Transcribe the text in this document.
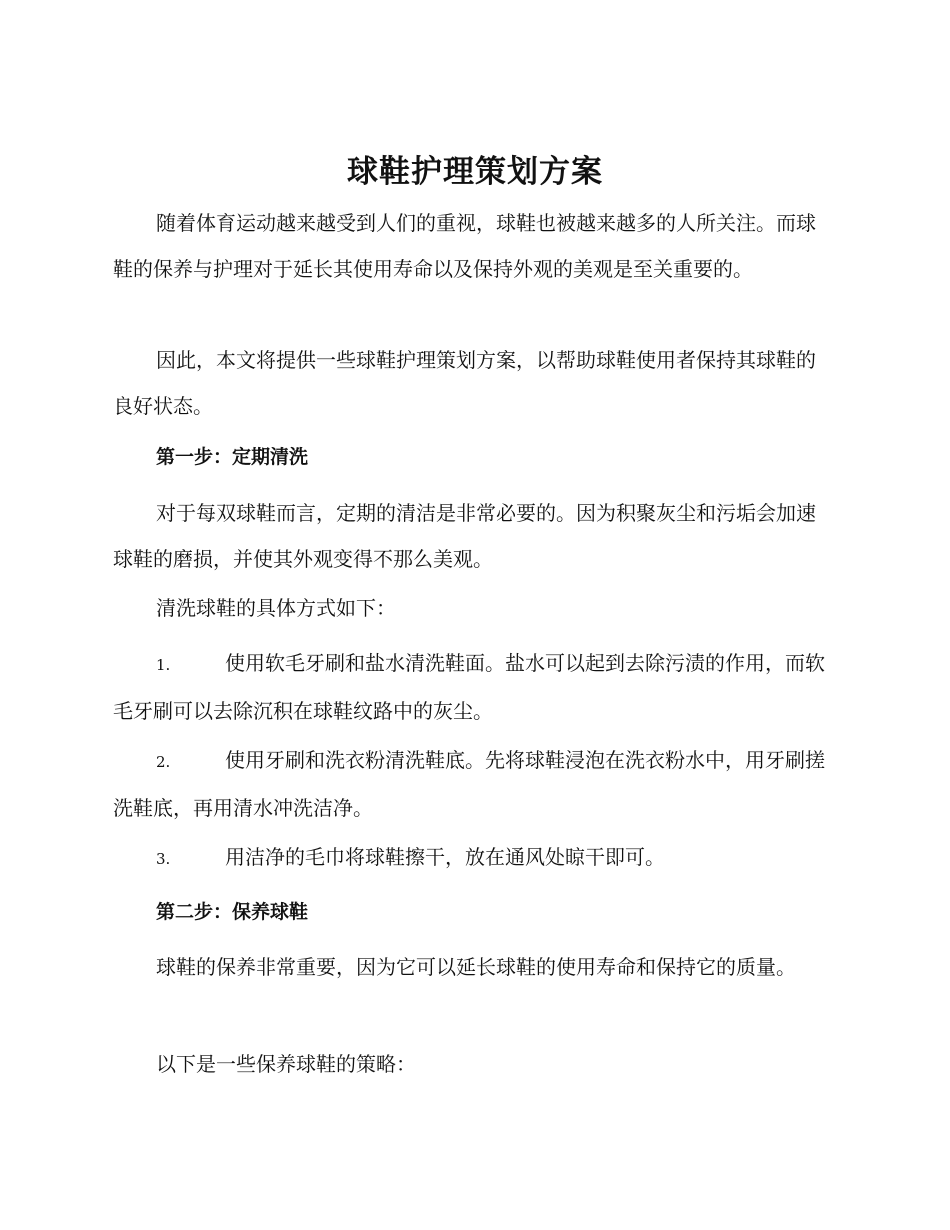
球鞋护理策划方案

随着体育运动越来越受到人们的重视，球鞋也被越来越多的人所关注。而球鞋的保养与护理对于延长其使用寿命以及保持外观的美观是至关重要的。

因此，本文将提供一些球鞋护理策划方案，以帮助球鞋使用者保持其球鞋的良好状态。

第一步：定期清洗

对于每双球鞋而言，定期的清洁是非常必要的。因为积聚灰尘和污垢会加速球鞋的磨损，并使其外观变得不那么美观。

清洗球鞋的具体方式如下：

1.	使用软毛牙刷和盐水清洗鞋面。盐水可以起到去除污渍的作用，而软毛牙刷可以去除沉积在球鞋纹路中的灰尘。

2.	使用牙刷和洗衣粉清洗鞋底。先将球鞋浸泡在洗衣粉水中，用牙刷搓洗鞋底，再用清水冲洗洁净。

3.	用洁净的毛巾将球鞋擦干，放在通风处晾干即可。

第二步：保养球鞋

球鞋的保养非常重要，因为它可以延长球鞋的使用寿命和保持它的质量。

以下是一些保养球鞋的策略：
